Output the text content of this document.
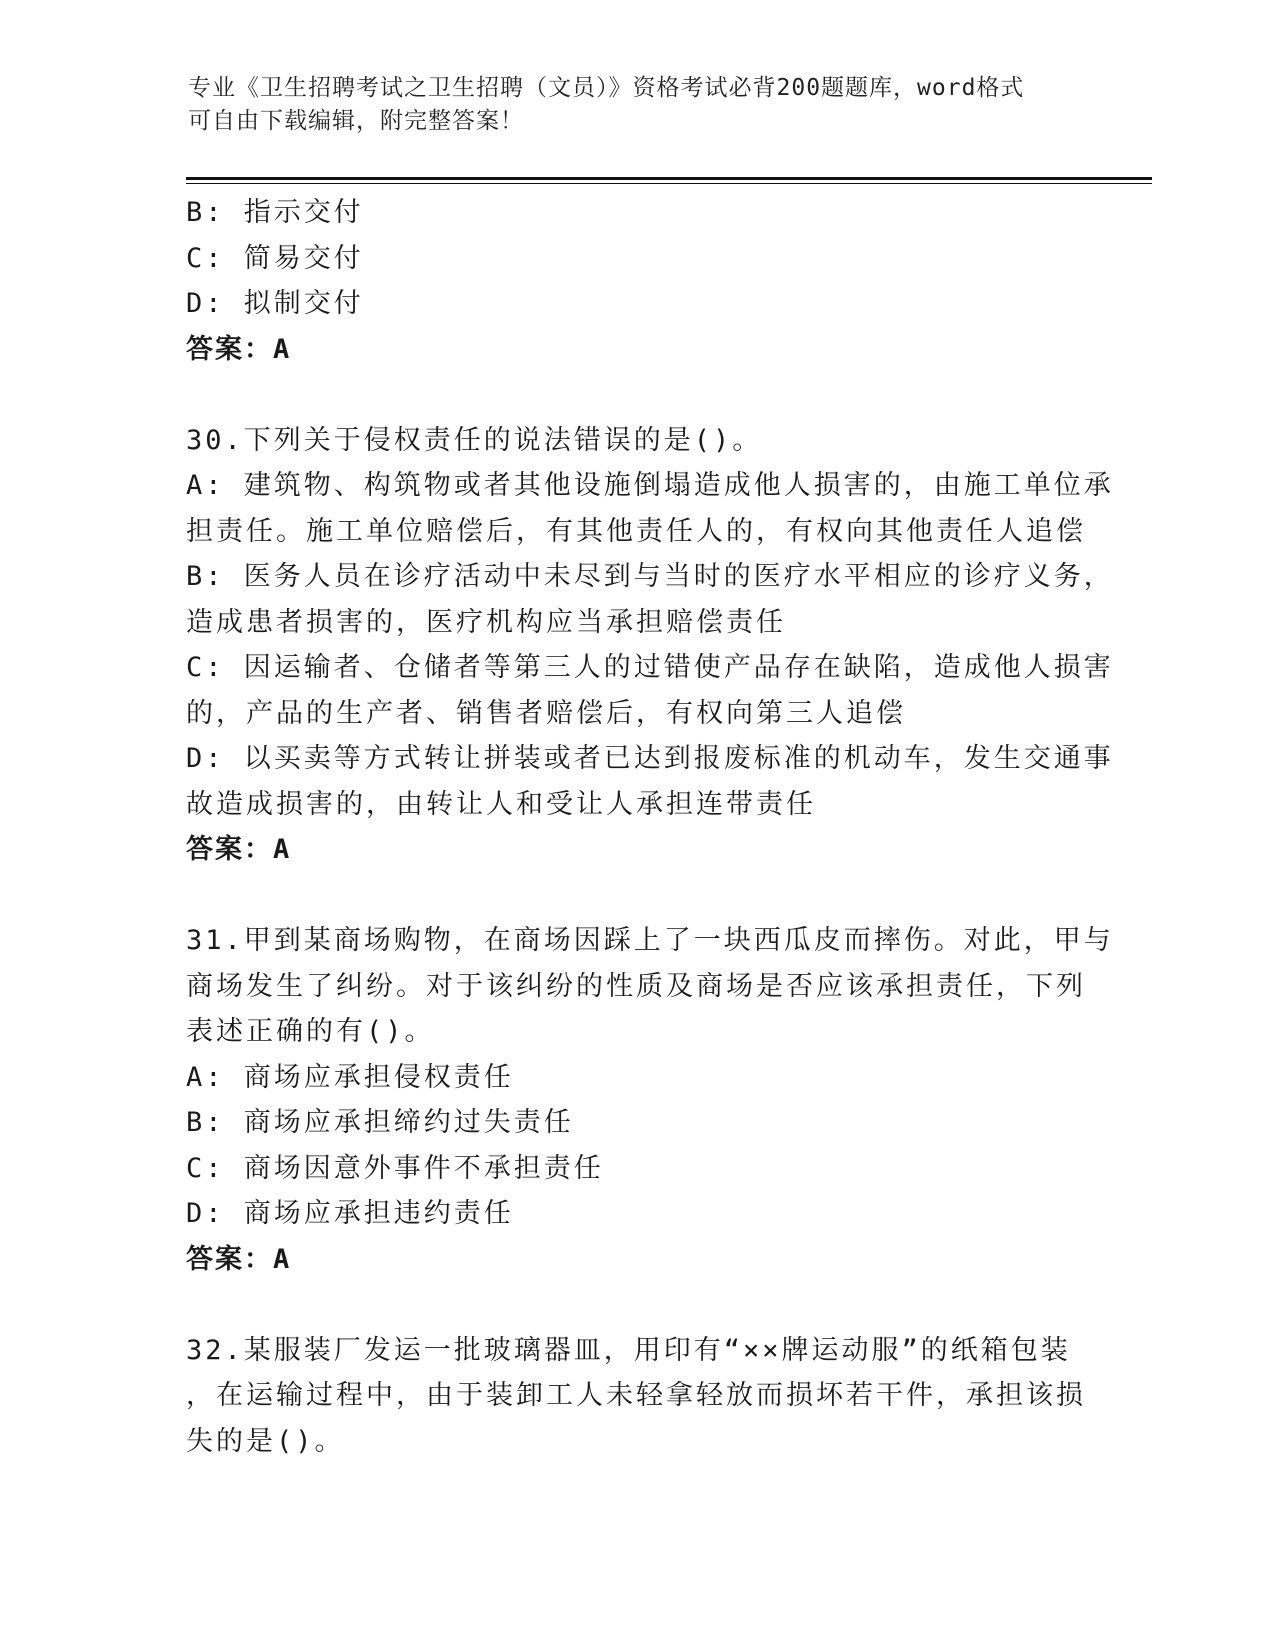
专业《卫生招聘考试之卫生招聘（文员）》资格考试必背200题题库，word格式
可自由下载编辑，附完整答案！
B: 指示交付
C: 简易交付
D: 拟制交付
答案：A
30.下列关于侵权责任的说法错误的是()。
A: 建筑物、构筑物或者其他设施倒塌造成他人损害的，由施工单位承
担责任。施工单位赔偿后，有其他责任人的，有权向其他责任人追偿
B: 医务人员在诊疗活动中未尽到与当时的医疗水平相应的诊疗义务，
造成患者损害的，医疗机构应当承担赔偿责任
C: 因运输者、仓储者等第三人的过错使产品存在缺陷，造成他人损害
的，产品的生产者、销售者赔偿后，有权向第三人追偿
D: 以买卖等方式转让拼装或者已达到报废标准的机动车，发生交通事
故造成损害的，由转让人和受让人承担连带责任
答案：A
31.甲到某商场购物，在商场因踩上了一块西瓜皮而摔伤。对此，甲与
商场发生了纠纷。对于该纠纷的性质及商场是否应该承担责任，下列
表述正确的有()。
A: 商场应承担侵权责任
B: 商场应承担缔约过失责任
C: 商场因意外事件不承担责任
D: 商场应承担违约责任
答案：A
32.某服装厂发运一批玻璃器皿，用印有“××牌运动服”的纸箱包装
，在运输过程中，由于装卸工人未轻拿轻放而损坏若干件，承担该损
失的是()。
